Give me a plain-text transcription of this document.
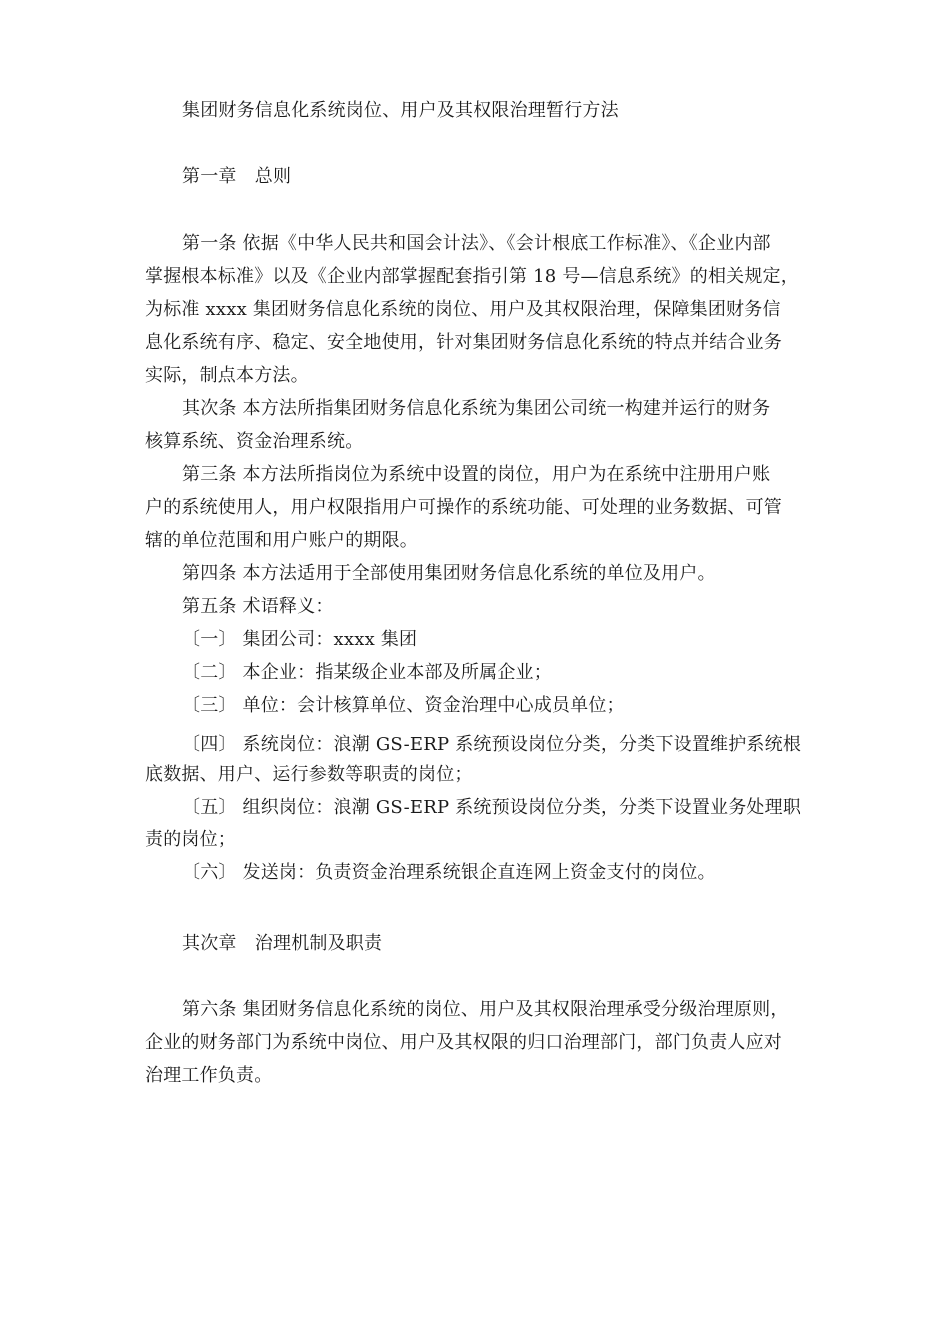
集团财务信息化系统岗位、用户及其权限治理暂行方法
第一章　总则
第一条 依据《中华人民共和国会计法》、《会计根底工作标准》、《企业内部
掌握根本标准》以及《企业内部掌握配套指引第 18 号—信息系统》的相关规定，
为标准 xxxx 集团财务信息化系统的岗位、用户及其权限治理，保障集团财务信
息化系统有序、稳定、安全地使用，针对集团财务信息化系统的特点并结合业务
实际，制点本方法。
其次条 本方法所指集团财务信息化系统为集团公司统一构建并运行的财务
核算系统、资金治理系统。
第三条 本方法所指岗位为系统中设置的岗位，用户为在系统中注册用户账
户的系统使用人，用户权限指用户可操作的系统功能、可处理的业务数据、可管
辖的单位范围和用户账户的期限。
第四条 本方法适用于全部使用集团财务信息化系统的单位及用户。
第五条 术语释义：
〔一〕 集团公司：xxxx 集团
〔二〕 本企业：指某级企业本部及所属企业；
〔三〕 单位：会计核算单位、资金治理中心成员单位；
〔四〕 系统岗位：浪潮 GS-ERP 系统预设岗位分类，分类下设置维护系统根
底数据、用户、运行参数等职责的岗位；
〔五〕 组织岗位：浪潮 GS-ERP 系统预设岗位分类，分类下设置业务处理职
责的岗位；
〔六〕 发送岗：负责资金治理系统银企直连网上资金支付的岗位。
其次章　治理机制及职责
第六条 集团财务信息化系统的岗位、用户及其权限治理承受分级治理原则，
企业的财务部门为系统中岗位、用户及其权限的归口治理部门，部门负责人应对
治理工作负责。
